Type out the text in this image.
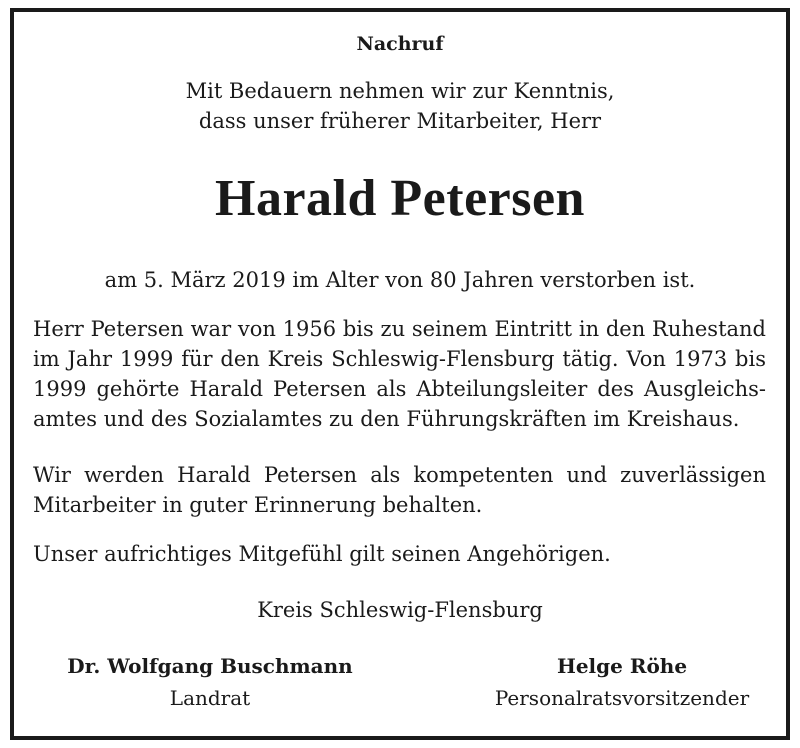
Nachruf
Mit Bedauern nehmen wir zur Kenntnis,
dass unser früherer Mitarbeiter, Herr
Harald Petersen
am 5. März 2019 im Alter von 80 Jahren verstorben ist.
Herr Petersen war von 1956 bis zu seinem Eintritt in den Ruhestand im Jahr 1999 für den Kreis Schleswig-Flensburg tätig. Von 1973 bis 1999 gehörte Harald Petersen als Abteilungsleiter des Ausgleichsamtes und des Sozialamtes zu den Führungskräften im Kreishaus.
Wir werden Harald Petersen als kompetenten und zuverlässigen Mitarbeiter in guter Erinnerung behalten.
Unser aufrichtiges Mitgefühl gilt seinen Angehörigen.
Kreis Schleswig-Flensburg
Dr. Wolfgang Buschmann
Landrat
Helge Röhe
Personalratsvorsitzender
